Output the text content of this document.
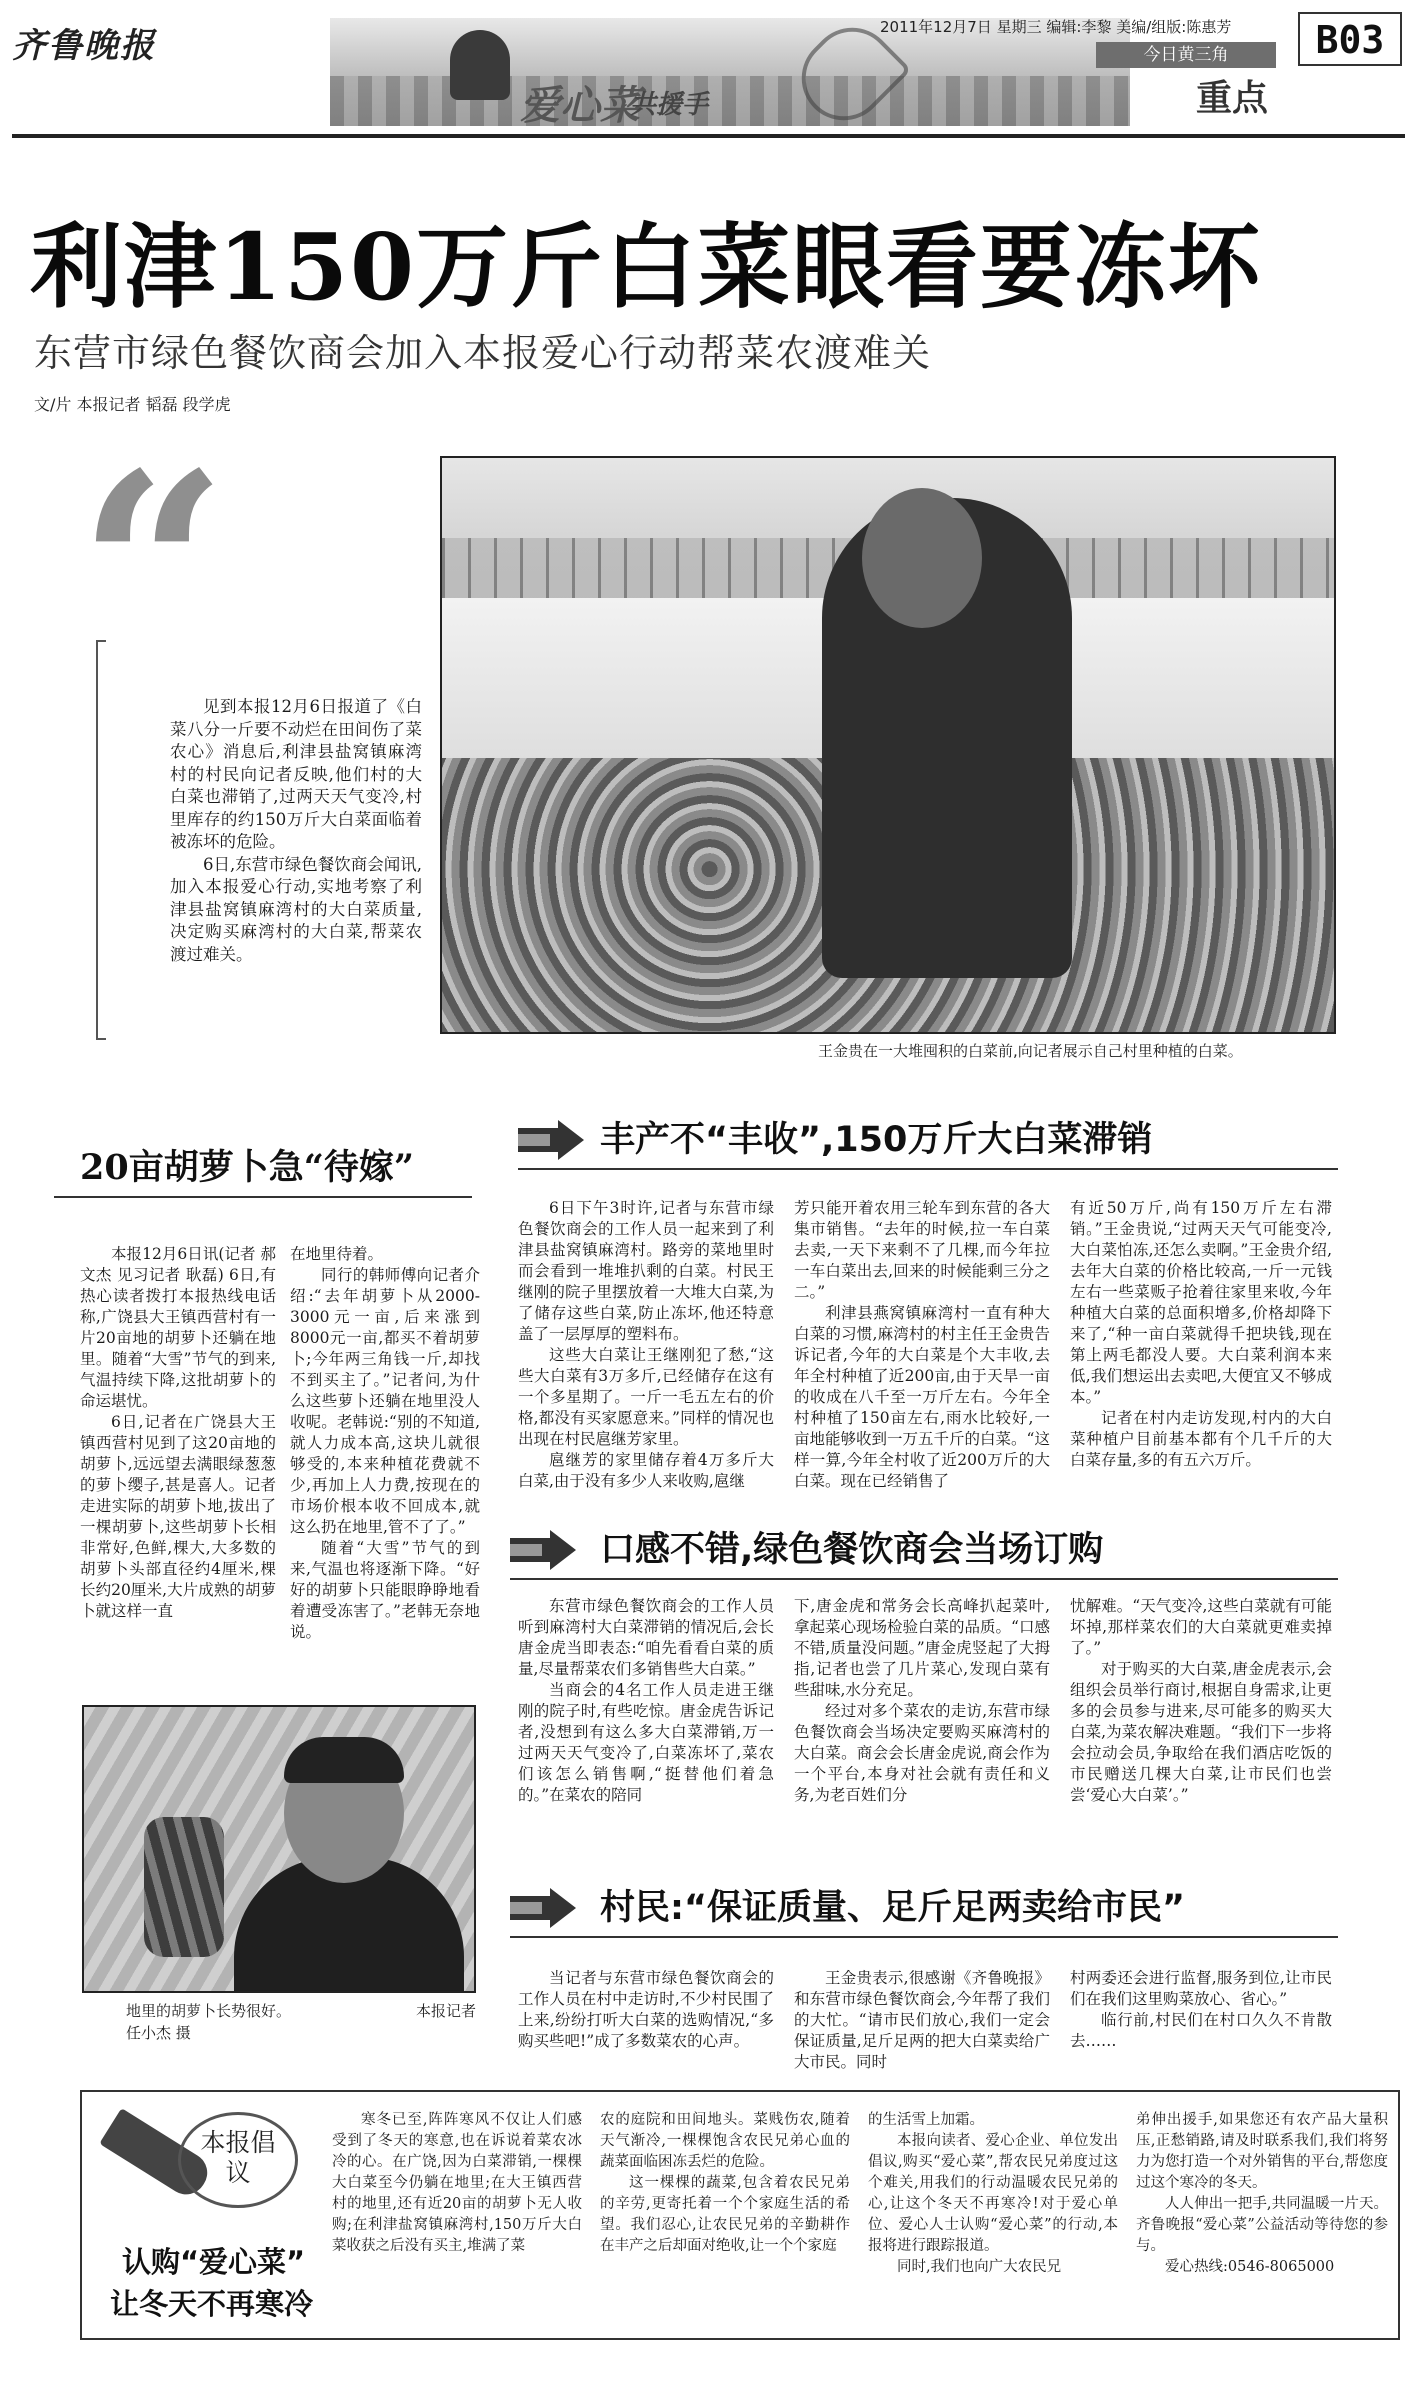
齐鲁晚报
爱心菜
共援手
2011年12月7日 星期三 编辑:李黎 美编/组版:陈惠芳
今日黄三角
重点
B03
利津150万斤白菜眼看要冻坏
东营市绿色餐饮商会加入本报爱心行动帮菜农渡难关
文/片 本报记者 韬磊 段学虎
“

见到本报12月6日报道了《白菜八分一斤要不动烂在田间伤了菜农心》消息后,利津县盐窝镇麻湾村的村民向记者反映,他们村的大白菜也滞销了,过两天天气变冷,村里库存的约150万斤大白菜面临着被冻坏的危险。

6日,东营市绿色餐饮商会闻讯,加入本报爱心行动,实地考察了利津县盐窝镇麻湾村的大白菜质量,决定购买麻湾村的大白菜,帮菜农渡过难关。

王金贵在一大堆囤积的白菜前,向记者展示自己村里种植的白菜。
20亩胡萝卜急“待嫁”

本报12月6日讯(记者 郝文杰 见习记者 耿磊) 6日,有热心读者拨打本报热线电话称,广饶县大王镇西营村有一片20亩地的胡萝卜还躺在地里。随着“大雪”节气的到来,气温持续下降,这批胡萝卜的命运堪忧。

6日,记者在广饶县大王镇西营村见到了这20亩地的胡萝卜,远远望去满眼绿葱葱的萝卜缨子,甚是喜人。记者走进实际的胡萝卜地,拔出了一棵胡萝卜,这些胡萝卜长相非常好,色鲜,棵大,大多数的胡萝卜头部直径约4厘米,棵长约20厘米,大片成熟的胡萝卜就这样一直

在地里待着。

同行的韩师傅向记者介绍:“去年胡萝卜从2000-3000元一亩,后来涨到8000元一亩,都买不着胡萝卜;今年两三角钱一斤,却找不到买主了。”记者问,为什么这些萝卜还躺在地里没人收呢。老韩说:“别的不知道,就人力成本高,这块儿就很够受的,本来种植花费就不少,再加上人力费,按现在的市场价根本收不回成本,就这么扔在地里,管不了了。”

随着“大雪”节气的到来,气温也将逐渐下降。“好好的胡萝卜只能眼睁睁地看着遭受冻害了。”老韩无奈地说。

地里的胡萝卜长势很好。	本报记者
任小杰 摄
丰产不“丰收”,150万斤大白菜滞销

6日下午3时许,记者与东营市绿色餐饮商会的工作人员一起来到了利津县盐窝镇麻湾村。路旁的菜地里时而会看到一堆堆扒剩的白菜。村民王继刚的院子里摆放着一大堆大白菜,为了储存这些白菜,防止冻坏,他还特意盖了一层厚厚的塑料布。

这些大白菜让王继刚犯了愁,“这些大白菜有3万多斤,已经储存在这有一个多星期了。一斤一毛五左右的价格,都没有买家愿意来。”同样的情况也出现在村民扈继芳家里。

扈继芳的家里储存着4万多斤大白菜,由于没有多少人来收购,扈继

芳只能开着农用三轮车到东营的各大集市销售。“去年的时候,拉一车白菜去卖,一天下来剩不了几棵,而今年拉一车白菜出去,回来的时候能剩三分之二。”

利津县燕窝镇麻湾村一直有种大白菜的习惯,麻湾村的村主任王金贵告诉记者,今年的大白菜是个大丰收,去年全村种植了近200亩,由于天旱一亩的收成在八千至一万斤左右。今年全村种植了150亩左右,雨水比较好,一亩地能够收到一万五千斤的白菜。“这样一算,今年全村收了近200万斤的大白菜。现在已经销售了

有近50万斤,尚有150万斤左右滞销。”王金贵说,“过两天天气可能变冷,大白菜怕冻,还怎么卖啊。”王金贵介绍,去年大白菜的价格比较高,一斤一元钱左右一些菜贩子抢着往家里来收,今年种植大白菜的总面积增多,价格却降下来了,“种一亩白菜就得千把块钱,现在第上两毛都没人要。大白菜利润本来低,我们想运出去卖吧,大便宜又不够成本。”

记者在村内走访发现,村内的大白菜种植户目前基本都有个几千斤的大白菜存量,多的有五六万斤。

口感不错,绿色餐饮商会当场订购

东营市绿色餐饮商会的工作人员听到麻湾村大白菜滞销的情况后,会长唐金虎当即表态:“咱先看看白菜的质量,尽量帮菜农们多销售些大白菜。”

当商会的4名工作人员走进王继刚的院子时,有些吃惊。唐金虎告诉记者,没想到有这么多大白菜滞销,万一过两天天气变冷了,白菜冻坏了,菜农们该怎么销售啊,“挺替他们着急的。”在菜农的陪同

下,唐金虎和常务会长高峰扒起菜叶,拿起菜心现场检验白菜的品质。“口感不错,质量没问题。”唐金虎竖起了大拇指,记者也尝了几片菜心,发现白菜有些甜味,水分充足。

经过对多个菜农的走访,东营市绿色餐饮商会当场决定要购买麻湾村的大白菜。商会会长唐金虎说,商会作为一个平台,本身对社会就有责任和义务,为老百姓们分

忧解难。“天气变冷,这些白菜就有可能坏掉,那样菜农们的大白菜就更难卖掉了。”

对于购买的大白菜,唐金虎表示,会组织会员举行商讨,根据自身需求,让更多的会员参与进来,尽可能多的购买大白菜,为菜农解决难题。“我们下一步将会拉动会员,争取给在我们酒店吃饭的市民赠送几棵大白菜,让市民们也尝尝‘爱心大白菜’。”

村民:“保证质量、足斤足两卖给市民”

当记者与东营市绿色餐饮商会的工作人员在村中走访时,不少村民围了上来,纷纷打听大白菜的选购情况,“多购买些吧!”成了多数菜农的心声。

王金贵表示,很感谢《齐鲁晚报》和东营市绿色餐饮商会,今年帮了我们的大忙。“请市民们放心,我们一定会保证质量,足斤足两的把大白菜卖给广大市民。同时

村两委还会进行监督,服务到位,让市民们在我们这里购菜放心、省心。”

临行前,村民们在村口久久不肯散去……

本报倡议
认购“爱心菜”
让冬天不再寒冷

寒冬已至,阵阵寒风不仅让人们感受到了冬天的寒意,也在诉说着菜农冰冷的心。在广饶,因为白菜滞销,一棵棵大白菜至今仍躺在地里;在大王镇西营村的地里,还有近20亩的胡萝卜无人收购;在利津盐窝镇麻湾村,150万斤大白菜收获之后没有买主,堆满了菜

农的庭院和田间地头。菜贱伤农,随着天气渐冷,一棵棵饱含农民兄弟心血的蔬菜面临困冻丢烂的危险。

这一棵棵的蔬菜,包含着农民兄弟的辛劳,更寄托着一个个家庭生活的希望。我们忍心,让农民兄弟的辛勤耕作在丰产之后却面对绝收,让一个个家庭

的生活雪上加霜。

本报向读者、爱心企业、单位发出倡议,购买“爱心菜”,帮农民兄弟度过这个难关,用我们的行动温暖农民兄弟的心,让这个冬天不再寒冷!对于爱心单位、爱心人士认购“爱心菜”的行动,本报将进行跟踪报道。

同时,我们也向广大农民兄

弟伸出援手,如果您还有农产品大量积压,正愁销路,请及时联系我们,我们将努力为您打造一个对外销售的平台,帮您度过这个寒冷的冬天。

人人伸出一把手,共同温暖一片天。齐鲁晚报“爱心菜”公益活动等待您的参与。

爱心热线:0546-8065000
